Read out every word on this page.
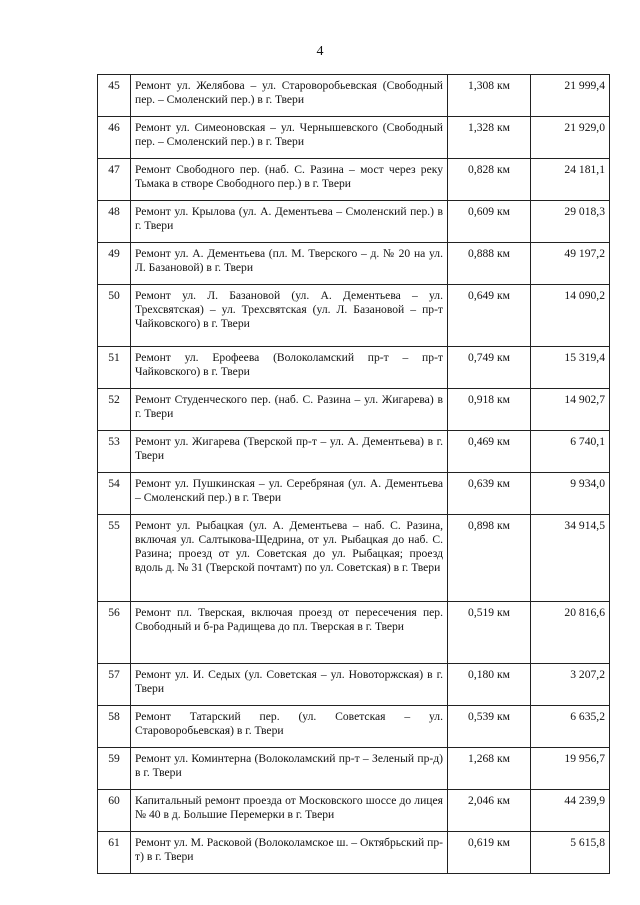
4
45	Ремонт ул. Желябова – ул. Староворобьевская (Свободный пер. – Смоленский пер.) в г. Твери	1,308 км	21 999,4
46	Ремонт ул. Симеоновская – ул. Чернышевского (Свободный пер. – Смоленский пер.) в г. Твери	1,328 км	21 929,0
47	Ремонт Свободного пер. (наб. С. Разина – мост через реку Тьмака в створе Свободного пер.) в г. Твери	0,828 км	24 181,1
48	Ремонт ул. Крылова (ул. А. Дементьева – Смоленский пер.) в г. Твери	0,609 км	29 018,3
49	Ремонт ул. А. Дементьева (пл. М. Тверского – д. № 20 на ул. Л. Базановой) в г. Твери	0,888 км	49 197,2
50	Ремонт ул. Л. Базановой (ул. А. Дементьева – ул. Трехсвятская) – ул. Трехсвятская (ул. Л. Базановой – пр-т Чайковского) в г. Твери	0,649 км	14 090,2
51	Ремонт ул. Ерофеева (Волоколамский пр-т – пр-т Чайковского) в г. Твери	0,749 км	15 319,4
52	Ремонт Студенческого пер. (наб. С. Разина – ул. Жигарева) в г. Твери	0,918 км	14 902,7
53	Ремонт ул. Жигарева (Тверской пр-т – ул. А. Дементьева) в г. Твери	0,469 км	6 740,1
54	Ремонт ул. Пушкинская – ул. Серебряная (ул. А. Дементьева – Смоленский пер.) в г. Твери	0,639 км	9 934,0
55	Ремонт ул. Рыбацкая (ул. А. Дементьева – наб. С. Разина, включая ул. Салтыкова-Щедрина, от ул. Рыбацкая до наб. С. Разина; проезд от ул. Советская до ул. Рыбацкая; проезд вдоль д. № 31 (Тверской почтамт) по ул. Советская) в г. Твери	0,898 км	34 914,5
56	Ремонт пл. Тверская, включая проезд от пересечения пер. Свободный и б-ра Радищева до пл. Тверская в г. Твери	0,519 км	20 816,6
57	Ремонт ул. И. Седых (ул. Советская – ул. Новоторжская) в г. Твери	0,180 км	3 207,2
58	Ремонт Татарский пер. (ул. Советская – ул. Староворобьевская) в г. Твери	0,539 км	6 635,2
59	Ремонт ул. Коминтерна (Волоколамский пр-т – Зеленый пр-д) в г. Твери	1,268 км	19 956,7
60	Капитальный ремонт проезда от Московского шоссе до лицея № 40 в д. Большие Перемерки в г. Твери	2,046 км	44 239,9
61	Ремонт ул. М. Расковой (Волоколамское ш. – Октябрьский пр-т) в г. Твери	0,619 км	5 615,8
